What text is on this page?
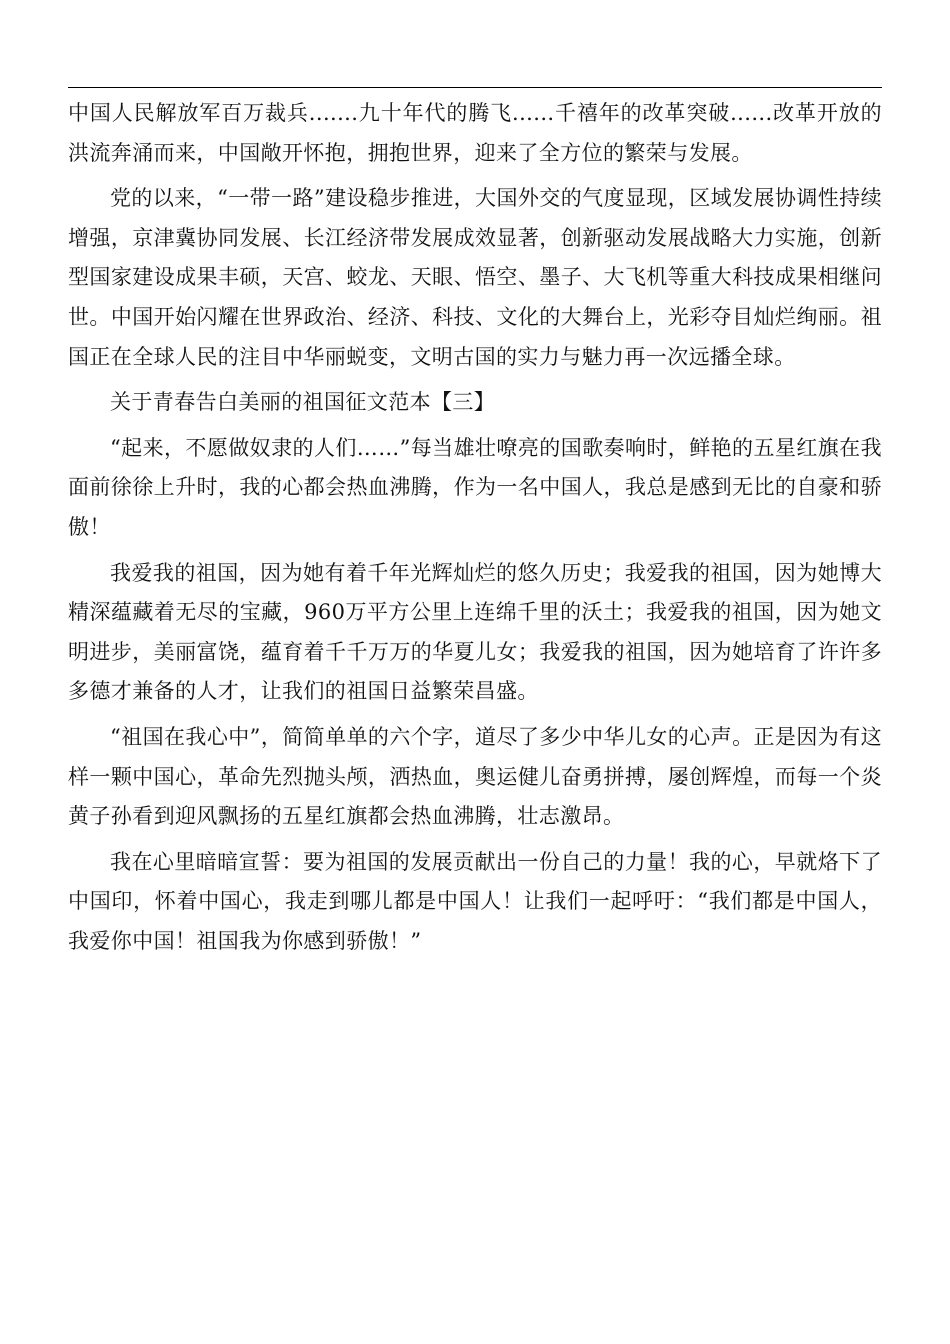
中国人民解放军百万裁兵.......九十年代的腾飞......千禧年的改革突破......改革开放的洪流奔涌而来，中国敞开怀抱，拥抱世界，迎来了全方位的繁荣与发展。

党的以来，“一带一路”建设稳步推进，大国外交的气度显现，区域发展协调性持续增强，京津冀协同发展、长江经济带发展成效显著，创新驱动发展战略大力实施，创新型国家建设成果丰硕，天宫、蛟龙、天眼、悟空、墨子、大飞机等重大科技成果相继问世。中国开始闪耀在世界政治、经济、科技、文化的大舞台上，光彩夺目灿烂绚丽。祖国正在全球人民的注目中华丽蜕变，文明古国的实力与魅力再一次远播全球。

关于青春告白美丽的祖国征文范本【三】

“起来，不愿做奴隶的人们……”每当雄壮嘹亮的国歌奏响时，鲜艳的五星红旗在我面前徐徐上升时，我的心都会热血沸腾，作为一名中国人，我总是感到无比的自豪和骄傲！

我爱我的祖国，因为她有着千年光辉灿烂的悠久历史；我爱我的祖国，因为她博大精深蕴藏着无尽的宝藏，960万平方公里上连绵千里的沃土；我爱我的祖国，因为她文明进步，美丽富饶，蕴育着千千万万的华夏儿女；我爱我的祖国，因为她培育了许许多多德才兼备的人才，让我们的祖国日益繁荣昌盛。

“祖国在我心中”，简简单单的六个字，道尽了多少中华儿女的心声。正是因为有这样一颗中国心，革命先烈抛头颅，洒热血，奥运健儿奋勇拼搏，屡创辉煌，而每一个炎黄子孙看到迎风飘扬的五星红旗都会热血沸腾，壮志激昂。

我在心里暗暗宣誓：要为祖国的发展贡献出一份自己的力量！我的心，早就烙下了中国印，怀着中国心，我走到哪儿都是中国人！让我们一起呼吁：“我们都是中国人，我爱你中国！祖国我为你感到骄傲！”
